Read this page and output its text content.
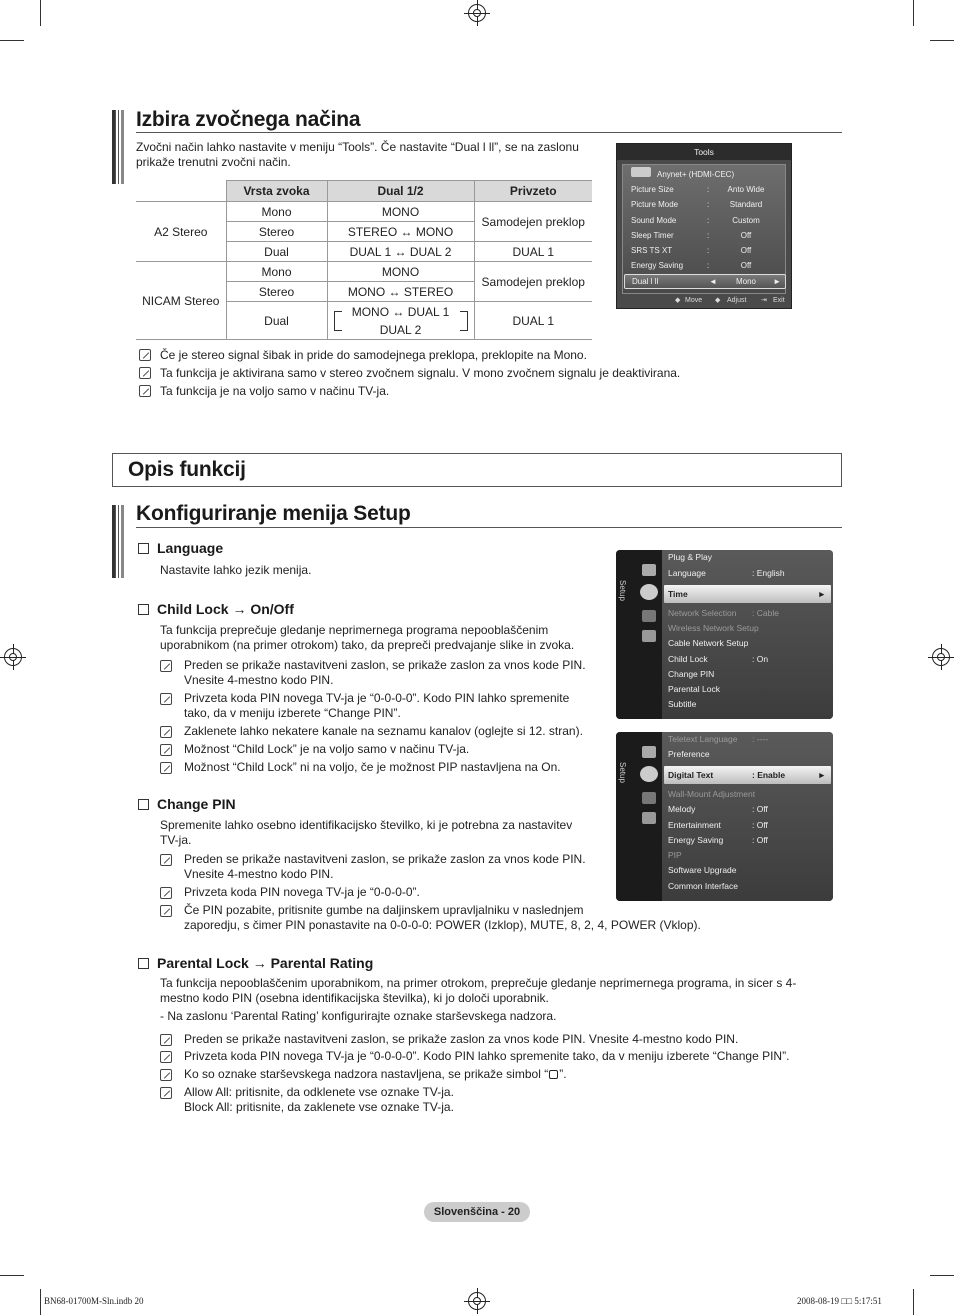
Izbira zvočnega načina

Zvočni način lahko nastavite v meniju “Tools”. Če nastavite “Dual l ll”, se na zaslonu
prikaže trenutni zvočni način.

	Vrsta zvoka	Dual 1/2	Privzeto
A2 Stereo	Mono	MONO	Samodejen preklop
	Stereo	STEREO ↔ MONO	
	Dual	DUAL 1 ↔ DUAL 2	DUAL 1
NICAM Stereo	Mono	MONO	Samodejen preklop
	Stereo	MONO ↔ STEREO	
	Dual	MONO ↔ DUAL 1
DUAL 2	DUAL 1
Če je stereo signal šibak in pride do samodejnega preklopa, preklopite na Mono.
Ta funkcija je aktivirana samo v stereo zvočnem signalu. V mono zvočnem signalu je deaktivirana.
Ta funkcija je na voljo samo v načinu TV-ja.
Tools
Anynet+ (HDMI-CEC)
Picture Size	:	Anto Wide
Picture Mode	:	Standard
Sound Mode	:	Custom
Sleep Timer	:	Off
SRS TS XT	:	Off
Energy Saving	:	Off
Dual l ll	◄	Mono	►
◆ Move ◆ Adjust ⇥ Exit
Opis funkcij
Konfiguriranje menija Setup
Language

Nastavite lahko jezik menija.

Child Lock → On/Off

Ta funkcija preprečuje gledanje neprimernega programa nepooblaščenim
uporabnikom (na primer otrokom) tako, da prepreči predvajanje slike in zvoka.

Preden se prikaže nastavitveni zaslon, se prikaže zaslon za vnos kode PIN.
Vnesite 4-mestno kodo PIN.

Privzeta koda PIN novega TV-ja je “0-0-0-0”. Kodo PIN lahko spremenite
tako, da v meniju izberete “Change PIN”.

Zaklenete lahko nekatere kanale na seznamu kanalov (oglejte si 12. stran).

Možnost “Child Lock” je na voljo samo v načinu TV-ja.

Možnost “Child Lock” ni na voljo, če je možnost PIP nastavljena na On.

Change PIN

Spremenite lahko osebno identifikacijsko številko, ki je potrebna za nastavitev
TV-ja.

Preden se prikaže nastavitveni zaslon, se prikaže zaslon za vnos kode PIN.
Vnesite 4-mestno kodo PIN.

Privzeta koda PIN novega TV-ja je “0-0-0-0”.

Če PIN pozabite, pritisnite gumbe na daljinskem upravljalniku v naslednjem
zaporedju, s čimer PIN ponastavite na 0-0-0-0: POWER (Izklop), MUTE, 8, 2, 4, POWER (Vklop).

Parental Lock → Parental Rating

Ta funkcija nepooblaščenim uporabnikom, na primer otrokom, preprečuje gledanje neprimernega programa, in sicer s 4-
mestno kodo PIN (osebna identifikacijska številka), ki jo določi uporabnik.

- Na zaslonu ‘Parental Rating’ konfigurirajte oznake starševskega nadzora.

Preden se prikaže nastavitveni zaslon, se prikaže zaslon za vnos kode PIN. Vnesite 4-mestno kodo PIN.

Privzeta koda PIN novega TV-ja je “0-0-0-0”. Kodo PIN lahko spremenite tako, da v meniju izberete “Change PIN”.

Ko so oznake starševskega nadzora nastavljena, se prikaže simbol “ ”.

Allow All: pritisnite, da odklenete vse oznake TV-ja.
Block All: pritisnite, da zaklenete vse oznake TV-ja.

Setup
Plug & Play
Language	: English
Time	►
Network Selection : Cable
Wireless Network Setup
Cable Network Setup
Child Lock	: On
Change PIN
Parental Lock
Subtitle
Setup
Teletext Language : ----
Preference
Digital Text	: Enable	►
Wall-Mount Adjustment
Melody	: Off
Entertainment	: Off
Energy Saving	: Off
PIP
Software Upgrade
Common Interface
Slovenščina - 20
BN68-01700M-Sln.indb 20	2008-08-19 □□ 5:17:51
